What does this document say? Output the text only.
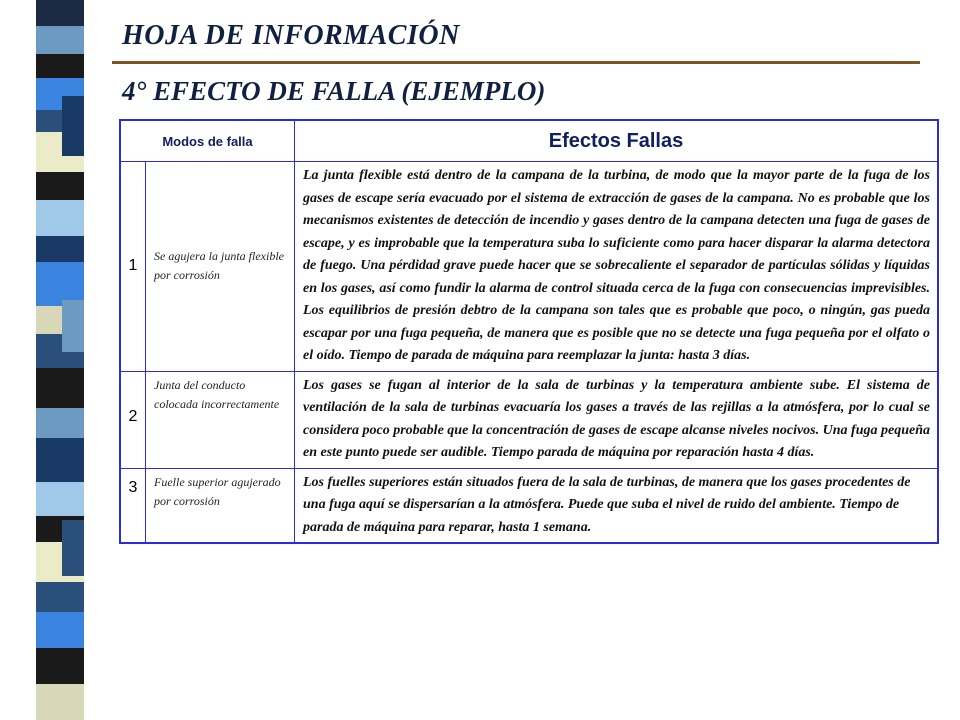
HOJA DE INFORMACIÓN
4° EFECTO DE FALLA (EJEMPLO)
Modos de falla		Efectos Fallas
1	Se agujera la junta flexible por corrosión	La junta flexible está dentro de la campana de la turbina, de modo que la mayor parte de la fuga de los gases de escape sería evacuado por el sistema de extracción de gases de la campana. No es probable que los mecanismos existentes de detección de incendio y gases dentro de la campana detecten una fuga de gases de escape, y es improbable que la temperatura suba lo suficiente como para hacer disparar la alarma detectora de fuego. Una pérdidad grave puede hacer que se sobrecaliente el separador de partículas sólidas y líquidas en los gases, así como fundir la alarma de control situada cerca de la fuga con consecuencias imprevisibles. Los equilibrios de presión debtro de la campana son tales que es probable que poco, o ningún, gas pueda escapar por una fuga pequeña, de manera que es posible que no se detecte una fuga pequeña por el olfato o el oído. Tiempo de parada de máquina para reemplazar la junta: hasta 3 días.
2	Junta del conducto colocada incorrectamente	Los gases se fugan al interior de la sala de turbinas y la temperatura ambiente sube. El sistema de ventilación de la sala de turbinas evacuaría los gases a través de las rejillas a la atmósfera, por lo cual se considera poco probable que la concentración de gases de escape alcanse niveles nocivos. Una fuga pequeña en este punto puede ser audible. Tiempo parada de máquina por reparación hasta 4 días.
3	Fuelle superior agujerado por corrosión	Los fuelles superiores están situados fuera de la sala de turbinas, de manera que los gases procedentes de una fuga aquí se dispersarían a la atmósfera. Puede que suba el nivel de ruido del ambiente. Tiempo de parada de máquina para reparar, hasta 1 semana.
